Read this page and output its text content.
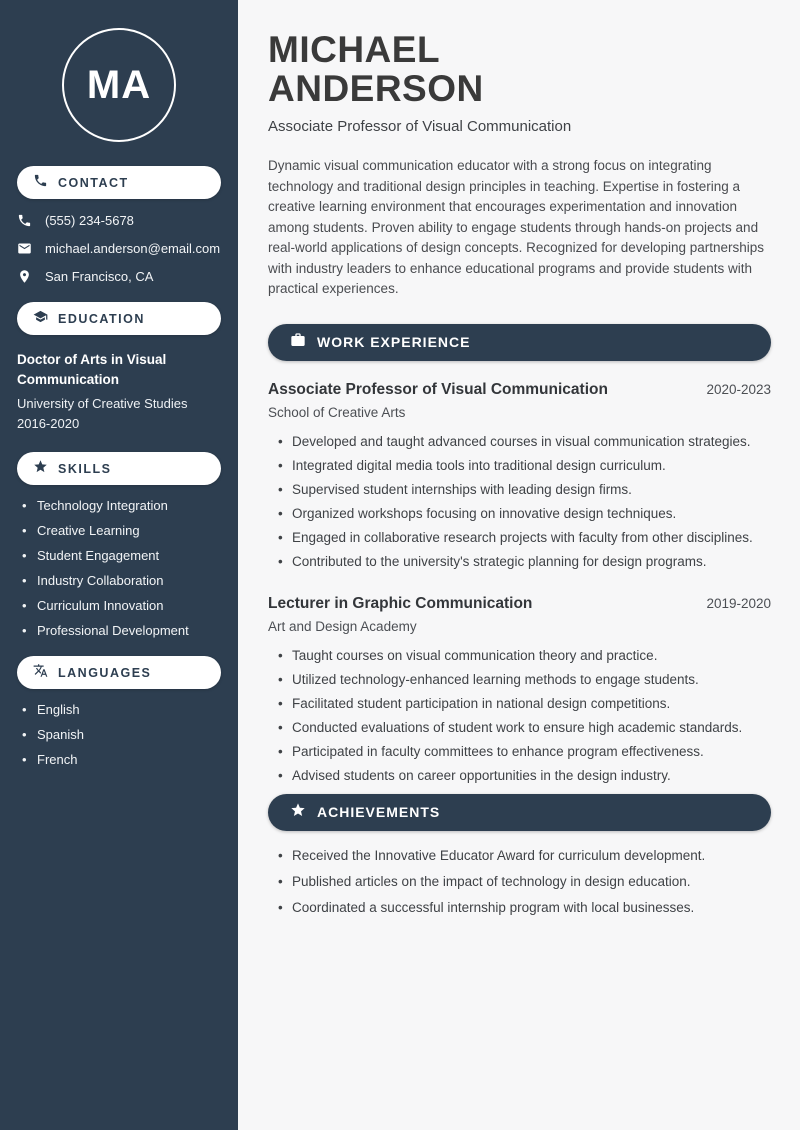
MA
CONTACT
(555) 234-5678
michael.anderson@email.com
San Francisco, CA
EDUCATION
Doctor of Arts in Visual Communication
University of Creative Studies
2016-2020
SKILLS
• Technology Integration
• Creative Learning
• Student Engagement
• Industry Collaboration
• Curriculum Innovation
• Professional Development
LANGUAGES
• English
• Spanish
• French
MICHAEL ANDERSON
Associate Professor of Visual Communication

Dynamic visual communication educator with a strong focus on integrating technology and traditional design principles in teaching. Expertise in fostering a creative learning environment that encourages experimentation and innovation among students. Proven ability to engage students through hands-on projects and real-world applications of design concepts. Recognized for developing partnerships with industry leaders to enhance educational programs and provide students with practical experiences.

WORK EXPERIENCE
Associate Professor of Visual Communication	2020-2023
School of Creative Arts
• Developed and taught advanced courses in visual communication strategies.
• Integrated digital media tools into traditional design curriculum.
• Supervised student internships with leading design firms.
• Organized workshops focusing on innovative design techniques.
• Engaged in collaborative research projects with faculty from other disciplines.
• Contributed to the university's strategic planning for design programs.
Lecturer in Graphic Communication	2019-2020
Art and Design Academy
• Taught courses on visual communication theory and practice.
• Utilized technology-enhanced learning methods to engage students.
• Facilitated student participation in national design competitions.
• Conducted evaluations of student work to ensure high academic standards.
• Participated in faculty committees to enhance program effectiveness.
• Advised students on career opportunities in the design industry.
ACHIEVEMENTS
• Received the Innovative Educator Award for curriculum development.
• Published articles on the impact of technology in design education.
• Coordinated a successful internship program with local businesses.
